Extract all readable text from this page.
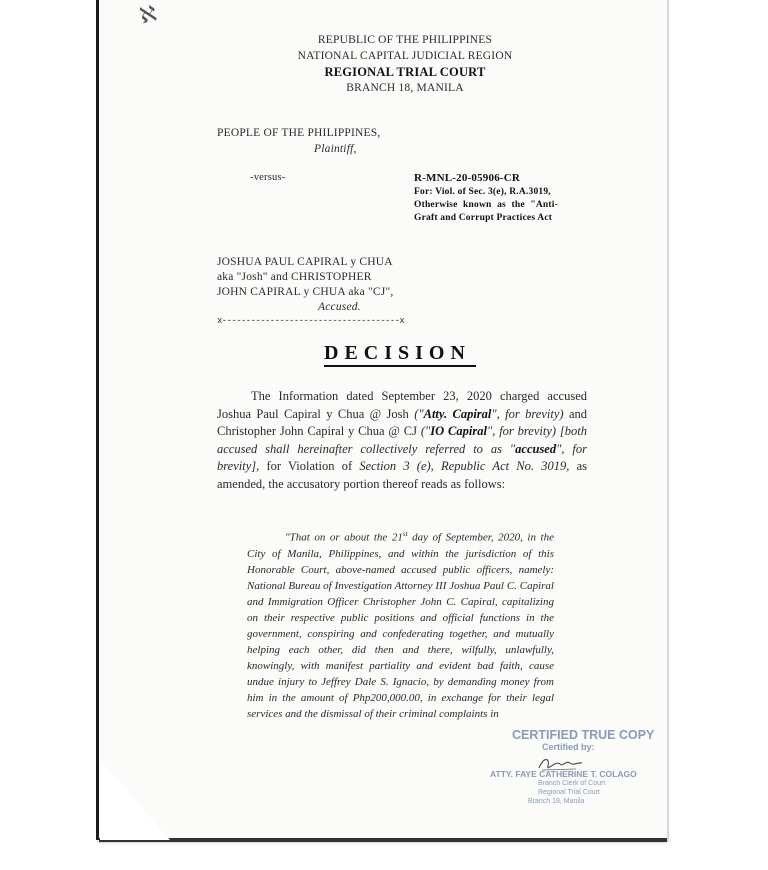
ℵ
REPUBLIC OF THE PHILIPPINES
NATIONAL CAPITAL JUDICIAL REGION
REGIONAL TRIAL COURT
BRANCH 18, MANILA
PEOPLE OF THE PHILIPPINES,
Plaintiff,
-versus-	R-MNL-20-05906-CR
For: Viol. of Sec. 3(e), R.A.3019,
Otherwise known as the "Anti-
Graft and Corrupt Practices Act
JOSHUA PAUL CAPIRAL y CHUA
aka "Josh" and CHRISTOPHER
JOHN CAPIRAL y CHUA aka "CJ",
Accused.
x-------------------------------------x
DECISION
The Information dated September 23, 2020 charged accused Joshua Paul Capiral y Chua @ Josh ("Atty. Capiral", for brevity) and Christopher John Capiral y Chua @ CJ ("IO Capiral", for brevity) [both accused shall hereinafter collectively referred to as "accused", for brevity], for Violation of Section 3 (e), Republic Act No. 3019, as amended, the accusatory portion thereof reads as follows:
"That on or about the 21st day of September, 2020, in the City of Manila, Philippines, and within the jurisdiction of this Honorable Court, above-named accused public officers, namely: National Bureau of Investigation Attorney III Joshua Paul C. Capiral and Immigration Officer Christopher John C. Capiral, capitalizing on their respective public positions and official functions in the government, conspiring and confederating together, and mutually helping each other, did then and there, wilfully, unlawfully, knowingly, with manifest partiality and evident bad faith, cause undue injury to Jeffrey Dale S. Ignacio, by demanding money from him in the amount of Php200,000.00, in exchange for their legal services and the dismissal of their criminal complaints in
CERTIFIED TRUE COPY
Certified by:
ATTY. FAYE CATHERINE T. COLAGO
Branch Clerk of Court
Regional Trial Court
Branch 18, Manila
